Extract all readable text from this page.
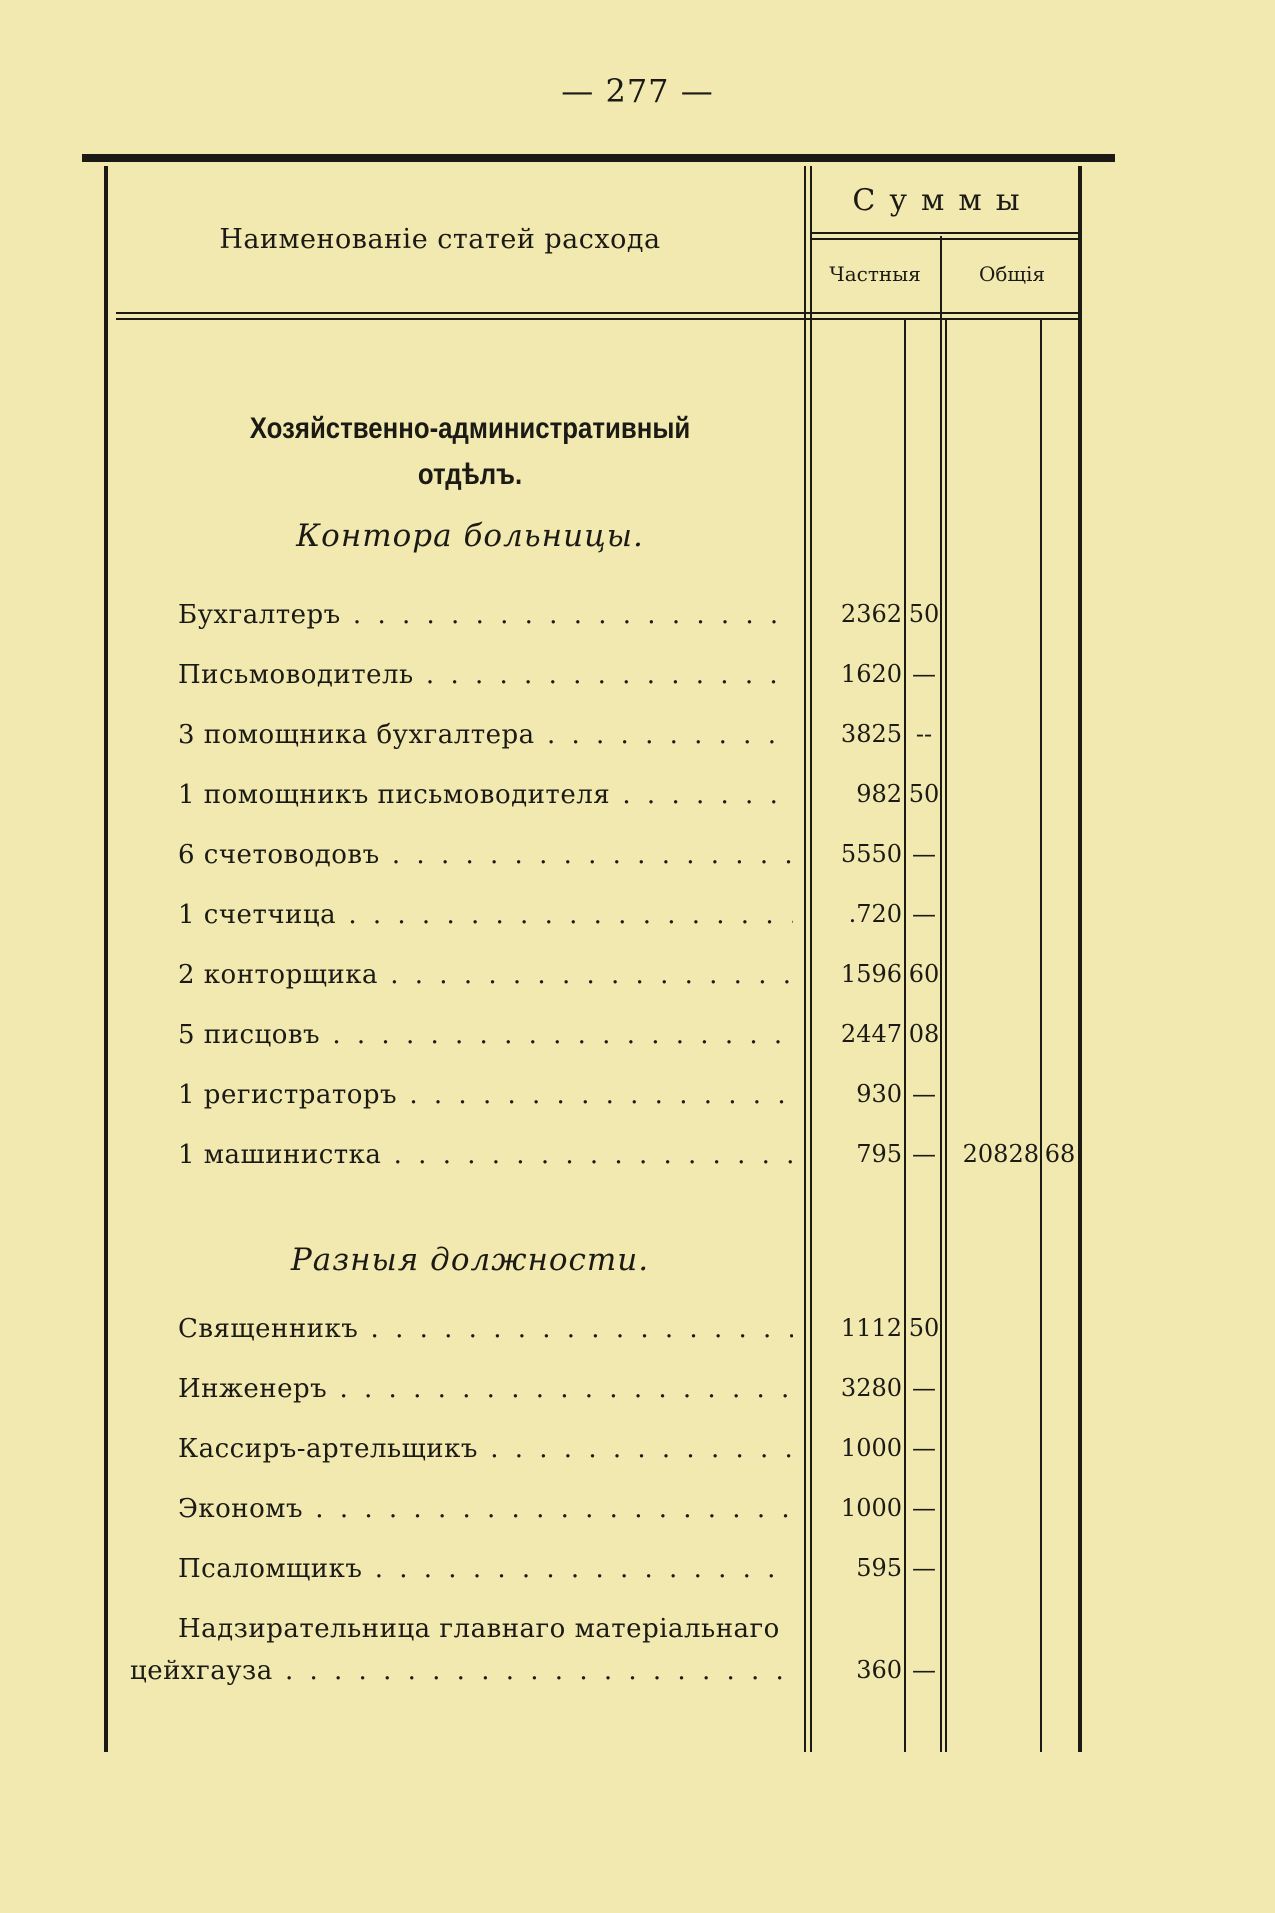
— 277 —
Наименованіе статей расхода
Суммы
Частныя	Общія
Хозяйственно-административный
отдѣлъ.
Контора больницы.
Бухгалтеръ . . .	2362 50
Письмоводитель . . .	1620 —
3 помощника бухгалтера . . .	3825 --
1 помощникъ письмоводителя . . .	982 50
6 счетоводовъ . . .	5550 —
1 счетчица . . .	.720 —
2 конторщика . . .	1596 60
5 писцовъ . . .	2447 08
1 регистраторъ . . .	930 —
1 машинистка . . .	795 —	20828 68
Разныя должности.
Священникъ . . .	1112 50
Инженеръ . . .	3280 —
Кассиръ-артельщикъ . . .	1000 —
Экономъ . . .	1000 —
Псаломщикъ . . .	595 —
Надзирательница главнаго матеріальнаго
цейхгауза . . .	360 —
